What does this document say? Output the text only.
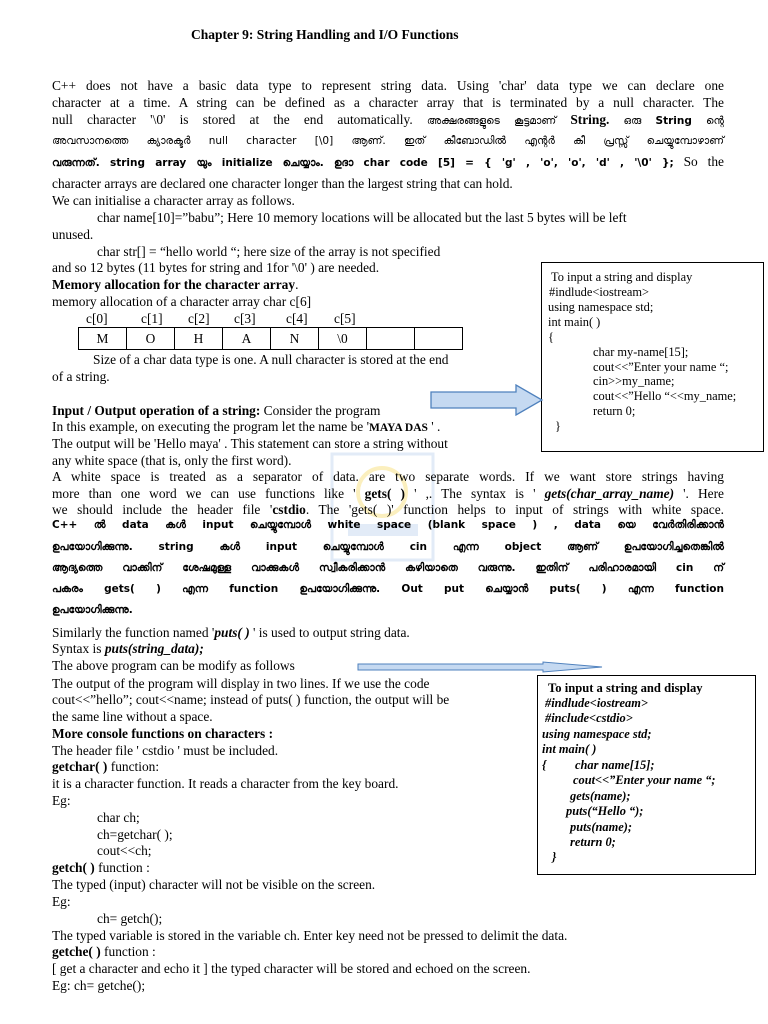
Chapter 9: String Handling and I/O Functions
C++ does not have a basic data type to represent string data. Using 'char' data type we can declare one
character at a time. A string can be defined as a character array that is terminated by a null character. The
null character '\0' is stored at the end automatically. അക്ഷരങ്ങളുടെ കൂട്ടമാണ് String. ഒരു String ന്റെ
അവസാനത്തെ ക്യാരക്ടർ null character [\0] ആണ്. ഇത് കീബോഡിൽ എന്റർ കീ പ്രസ്സ് ചെയ്യുമ്പോഴാണ്
വരുന്നത്. string array യും initialize ചെയ്യാം. ഉദാ char code [5] = { 'g' , 'o', 'o', 'd' , '\0' }; So the
character arrays are declared one character longer than the largest string that can hold.
We can initialise a character array as follows.
char name[10]=”babu”; Here 10 memory locations will be allocated but the last 5 bytes will be left
unused.
char str[] = “hello world “; here size of the array is not specified
and so 12 bytes (11 bytes for string and 1for '\0' ) are needed.
Memory allocation for the character array.
memory allocation of a character array char c[6]
c[0] c[1] c[2] c[3] c[4] c[5]
M	O	H	A	N	\0		
Size of a char data type is one. A null character is stored at the end
of a string.
To input a string and display
#indlude<iostream>
using namespace std;
int main( )
{
char my-name[15];
cout<<”Enter your name “;
cin>>my_name;
cout<<”Hello “<<my_name;
return 0;
}
Input / Output operation of a string: Consider the program
In this example, on executing the program let the name be 'MAYA DAS ' .
The output will be 'Hello maya' . This statement can store a string without
any white space (that is, only the first word).
A white space is treated as a separator of data. are two separate words. If we want store strings having
more than one word we can use functions like ' gets( ) ' ,. The syntax is ' gets(char_array_name) '. Here
we should include the header file 'cstdio. The 'gets( )' function helps to input of strings with white space.
C++ ൽ data കൾ input ചെയ്യുമ്പോൾ white space (blank space ) , data യെ വേർതിരിക്കാൻ
ഉപയോഗിക്കുന്നു. string കൾ input ചെയ്യുമ്പോൾ cin എന്ന object ആണ് ഉപയോഗിച്ചതെങ്കിൽ
ആദ്യത്തെ വാക്കിന് ശേഷമുള്ള വാക്കുകൾ സ്വീകരിക്കാൻ കഴിയാതെ വരുന്നു. ഇതിന് പരിഹാരമായി cin ന്
പകരം gets( ) എന്ന function ഉപയോഗിക്കുന്നു. Out put ചെയ്യാൻ puts( ) എന്ന function
ഉപയോഗിക്കുന്നു.
Similarly the function named 'puts( ) ' is used to output string data.
Syntax is puts(string_data);
The above program can be modify as follows
The output of the program will display in two lines. If we use the code
cout<<”hello”; cout<<name; instead of puts( ) function, the output will be
the same line without a space.
To input a string and display
#indlude<iostream>
#include<cstdio>
using namespace std;
int main( )
{ char name[15];
cout<<”Enter your name “;
gets(name);
puts(“Hello “);
puts(name);
return 0;
}
More console functions on characters :
The header file ' cstdio ' must be included.
getchar( ) function:
it is a character function. It reads a character from the key board.
Eg:
char ch;
ch=getchar( );
cout<<ch;
getch( ) function :
The typed (input) character will not be visible on the screen.
Eg:
ch= getch();
The typed variable is stored in the variable ch. Enter key need not be pressed to delimit the data.
getche( ) function :
[ get a character and echo it ] the typed character will be stored and echoed on the screen.
Eg: ch= getche();
